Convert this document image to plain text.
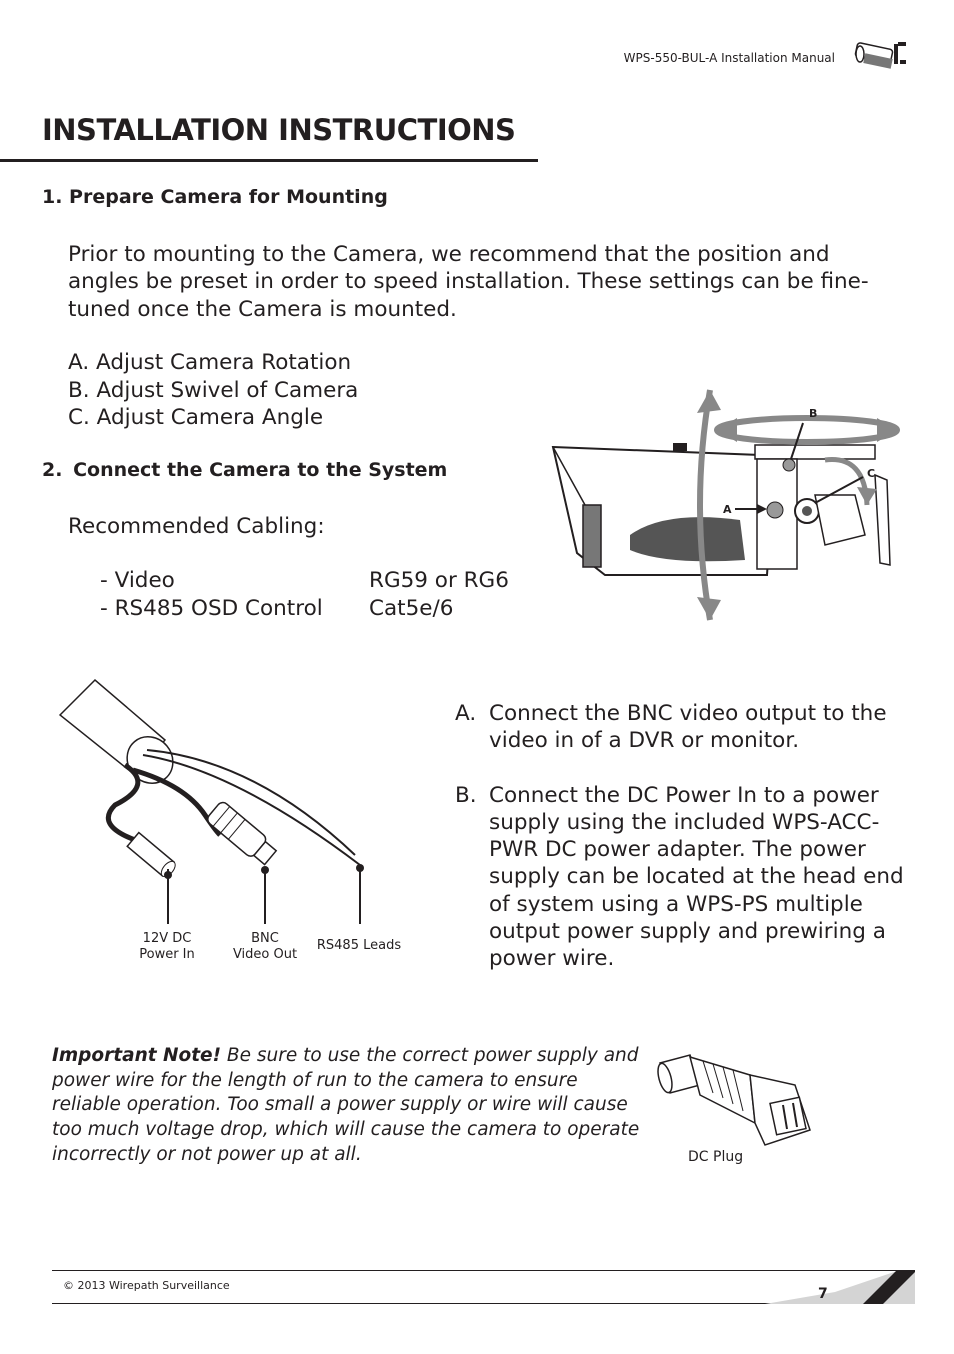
WPS-550-BUL-A Installation Manual
INSTALLATION INSTRUCTIONS
1. Prepare Camera for Mounting
Prior to mounting to the Camera, we recommend that the position and
angles be preset in order to speed installation. These settings can be fine-
tuned once the Camera is mounted.
A. Adjust Camera Rotation
B. Adjust Swivel of Camera
C. Adjust Camera Angle
2. Connect the Camera to the System
Recommended Cabling:
- Video
- RS485 OSD Control
RG59 or RG6
Cat5e/6
B
A
C
12V DC
Power In
BNC
Video Out
RS485 Leads
A. Connect the BNC video output to the video in of a DVR or monitor.
B. Connect the DC Power In to a power supply using the included WPS-ACC-PWR DC power adapter. The power supply can be located at the head end of system using a WPS-PS multiple output power supply and prewiring a power wire.
Important Note! Be sure to use the correct power supply and power wire for the length of run to the camera to ensure reliable operation. Too small a power supply or wire will cause too much voltage drop, which will cause the camera to operate incorrectly or not power up at all.	DC Plug
© 2013 Wirepath Surveillance
7
